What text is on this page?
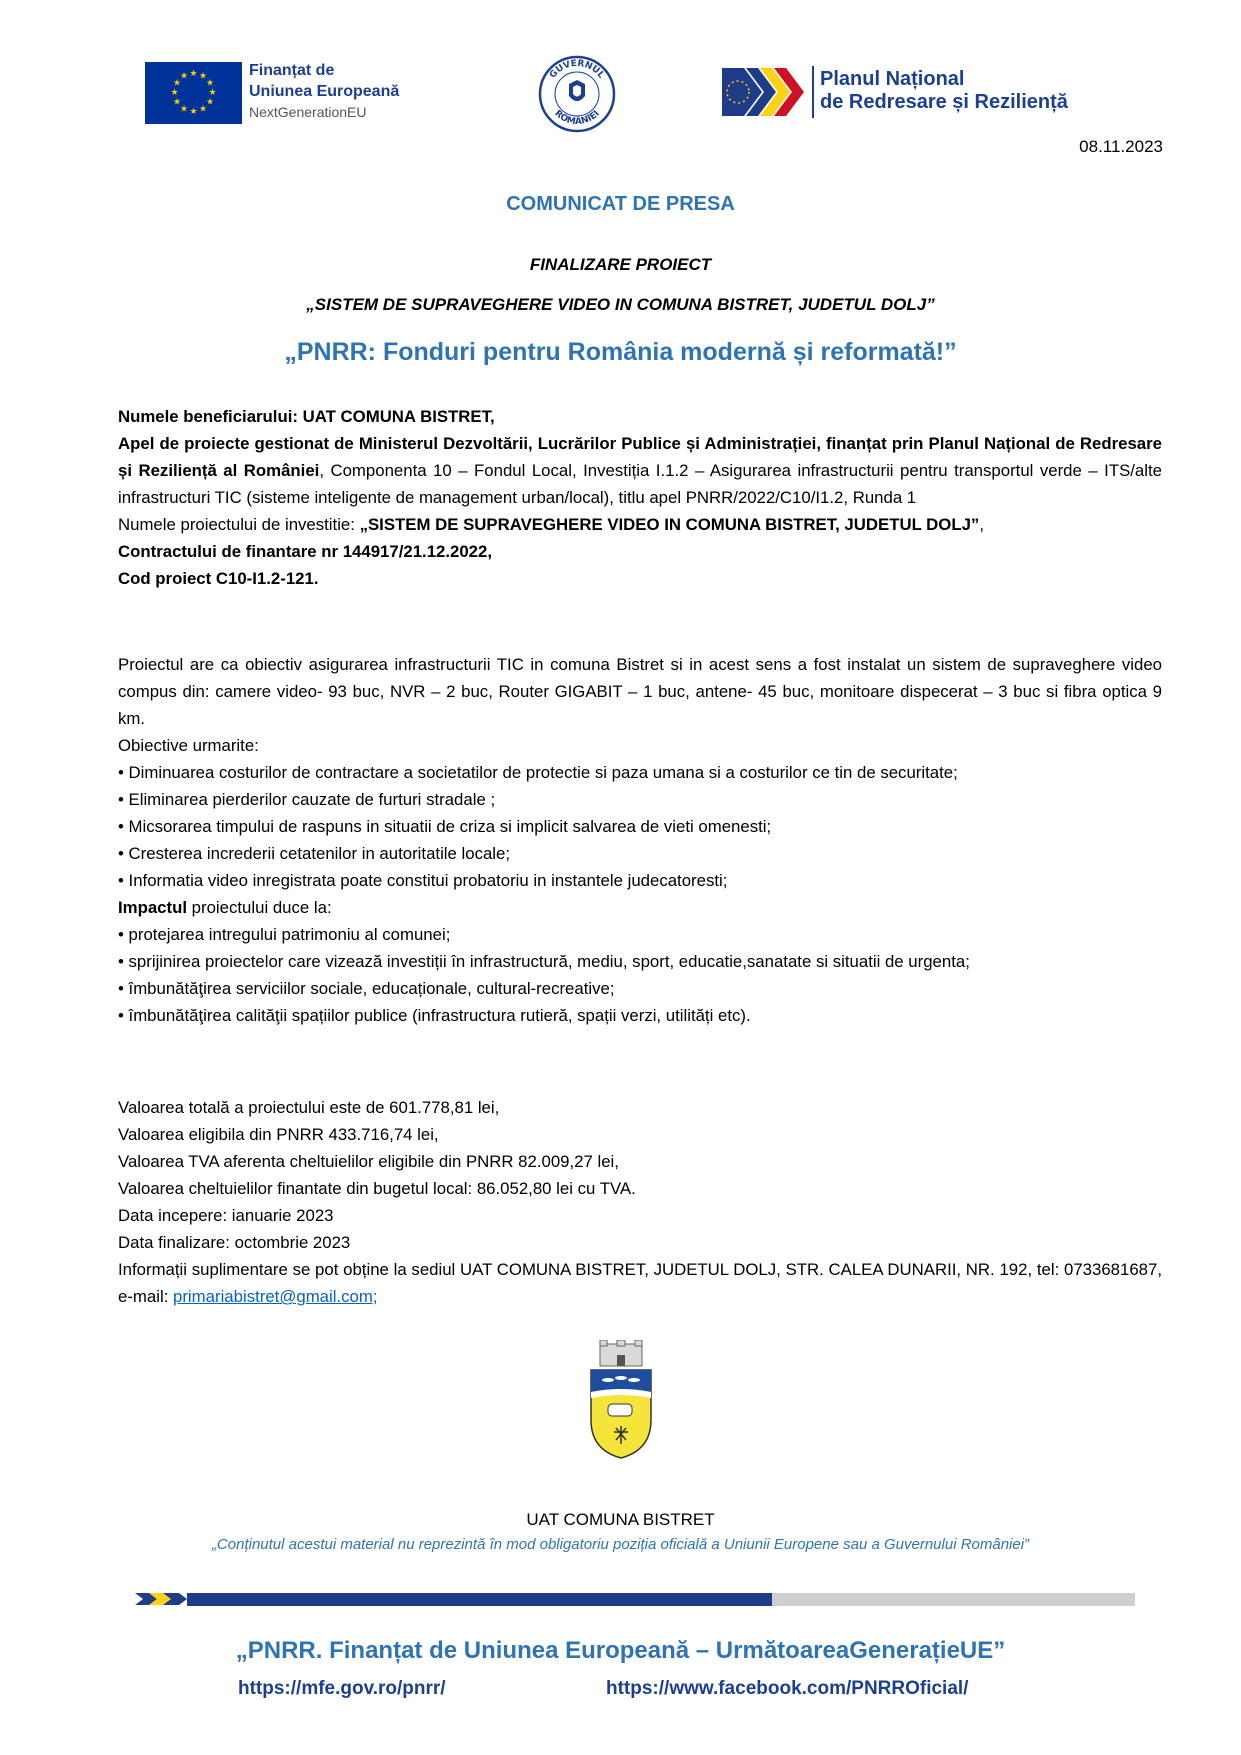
★ ★
★
★
★
★
★
★
★
★
★
★	Finanțat de
Uniunea Europeană
NextGenerationEU
GUVERNUL
ROMÂNIEI
Planul Național
de Redresare și Reziliență
08.11.2023
COMUNICAT DE PRESA
FINALIZARE PROIECT
„SISTEM DE SUPRAVEGHERE VIDEO IN COMUNA BISTRET, JUDETUL DOLJ”
„PNRR: Fonduri pentru România modernă și reformată!”
Numele beneficiarului: UAT COMUNA BISTRET,
Apel de proiecte gestionat de Ministerul Dezvoltării, Lucrărilor Publice și Administrației, finanțat prin Planul Național de Redresare și Reziliență al României, Componenta 10 – Fondul Local, Investiția I.1.2 – Asigurarea infrastructurii pentru transportul verde – ITS/alte infrastructuri TIC (sisteme inteligente de management urban/local), titlu apel PNRR/2022/C10/I1.2, Runda 1
Numele proiectului de investitie: „SISTEM DE SUPRAVEGHERE VIDEO IN COMUNA BISTRET, JUDETUL DOLJ”,
Contractului de finantare nr 144917/21.12.2022,
Cod proiect C10-I1.2-121.
Proiectul are ca obiectiv asigurarea infrastructurii TIC in comuna Bistret si in acest sens a fost instalat un sistem de supraveghere video compus din: camere video- 93 buc, NVR – 2 buc, Router GIGABIT – 1 buc, antene- 45 buc, monitoare dispecerat – 3 buc si fibra optica 9 km.
Obiective urmarite:
• Diminuarea costurilor de contractare a societatilor de protectie si paza umana si a costurilor ce tin de securitate;
• Eliminarea pierderilor cauzate de furturi stradale ;
• Micsorarea timpului de raspuns in situatii de criza si implicit salvarea de vieti omenesti;
• Cresterea increderii cetatenilor in autoritatile locale;
• Informatia video inregistrata poate constitui probatoriu in instantele judecatoresti;
Impactul proiectului duce la:
• protejarea intregului patrimoniu al comunei;
• sprijinirea proiectelor care vizează investiții în infrastructură, mediu, sport, educatie,sanatate si situatii de urgenta;
• îmbunătăţirea serviciilor sociale, educaționale, cultural-recreative;
• îmbunătăţirea calităţii spațiilor publice (infrastructura rutieră, spații verzi, utilități etc).
Valoarea totală a proiectului este de 601.778,81 lei,
Valoarea eligibila din PNRR 433.716,74 lei,
Valoarea TVA aferenta cheltuielilor eligibile din PNRR 82.009,27 lei,
Valoarea cheltuielilor finantate din bugetul local: 86.052,80 lei cu TVA.
Data incepere: ianuarie 2023
Data finalizare: octombrie 2023
Informații suplimentare se pot obține la sediul UAT COMUNA BISTRET, JUDETUL DOLJ, STR. CALEA DUNARII, NR. 192, tel: 0733681687, e-mail: primariabistret@gmail.com;
UAT COMUNA BISTRET
„Conținutul acestui material nu reprezintă în mod obligatoriu poziția oficială a Uniunii Europene sau a Guvernului României”
„PNRR. Finanțat de Uniunea Europeană – UrmătoareaGenerațieUE”
https://mfe.gov.ro/pnrr/	https://www.facebook.com/PNRROficial/
